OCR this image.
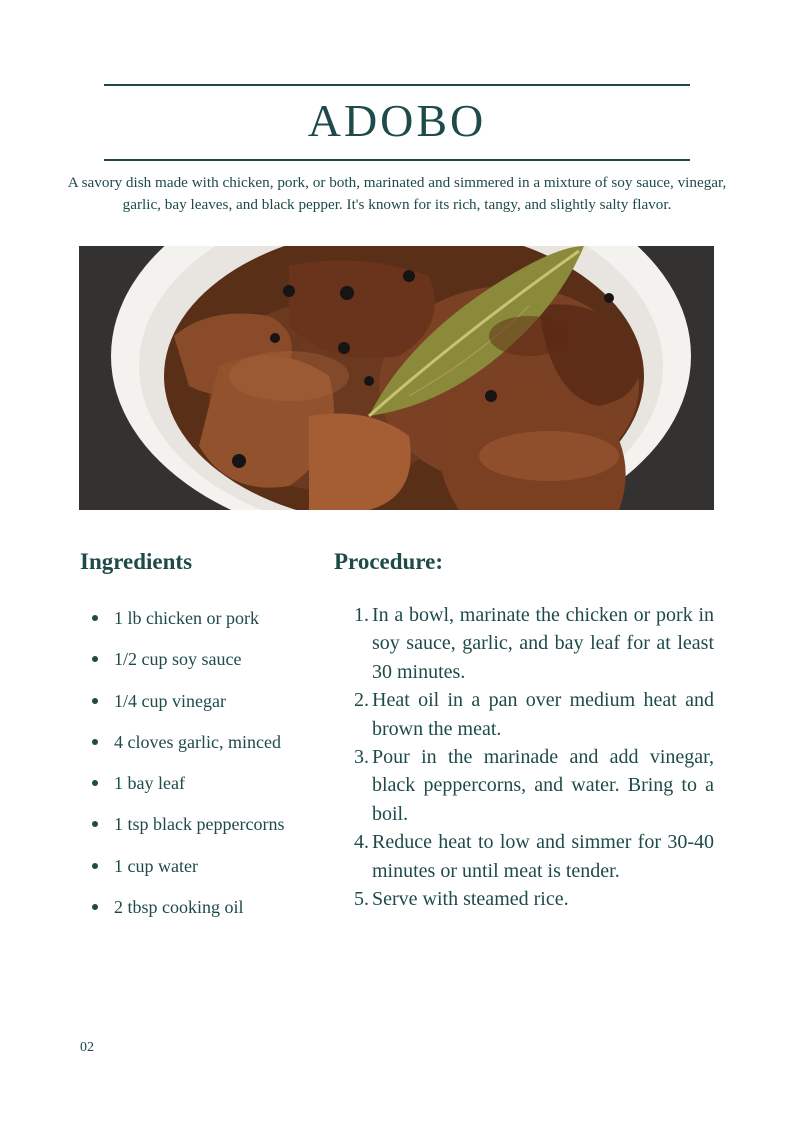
ADOBO

A savory dish made with chicken, pork, or both, marinated and simmered in a mixture of soy sauce, vinegar, garlic, bay leaves, and black pepper. It's known for its rich, tangy, and slightly salty flavor.

Ingredients
1 lb chicken or pork
1/2 cup soy sauce
1/4 cup vinegar
4 cloves garlic, minced
1 bay leaf
1 tsp black peppercorns
1 cup water
2 tbsp cooking oil
Procedure:
1. In a bowl, marinate the chicken or pork in soy sauce, garlic, and bay leaf for at least 30 minutes.
2. Heat oil in a pan over medium heat and brown the meat.
3. Pour in the marinade and add vinegar, black peppercorns, and water. Bring to a boil.
4. Reduce heat to low and simmer for 30-40 minutes or until meat is tender.
5. Serve with steamed rice.
02
